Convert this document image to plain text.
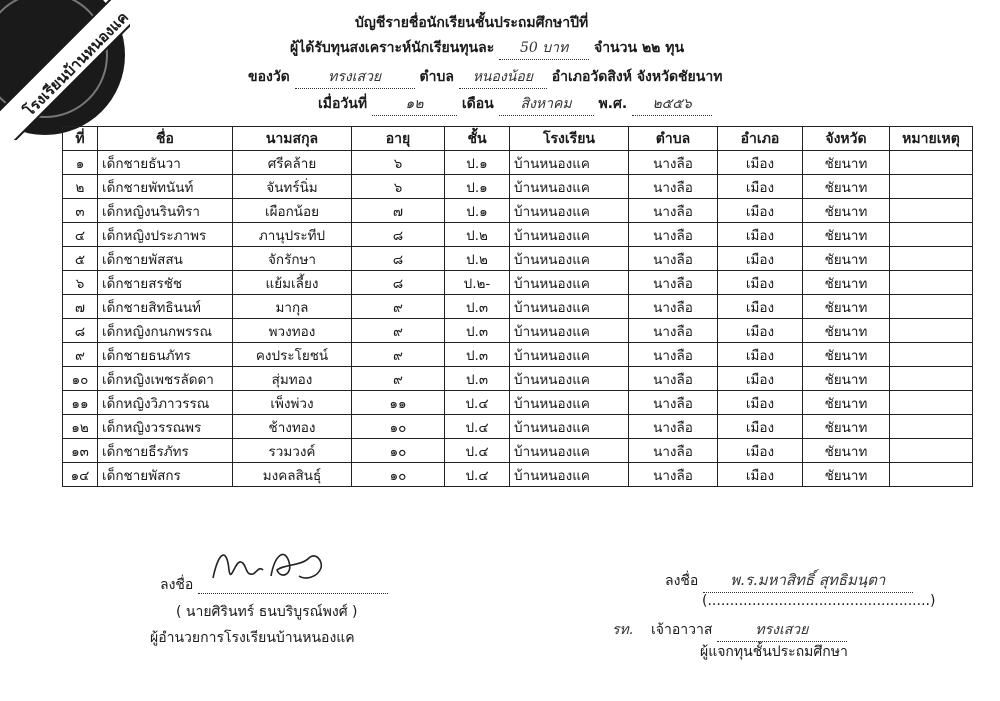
โรงเรียนบ้านหนองแค	บัญชีรายชื่อนักเรียนชั้นประถมศึกษาปีที่
ผู้ได้รับทุนสงเคราะห์นักเรียนทุนละ 50 บาท จำนวน ๒๒ ทุน
ของวัด	ทรงเสวย	ตำบล หนองน้อย อำเภอวัดสิงห์ จังหวัดชัยนาท
เมื่อวันที่	๑๒	เดือน สิงหาคม พ.ศ. ๒๕๕๖
ที่	ชื่อ	นามสกุล	อายุ	ชั้น	โรงเรียน	ตำบล	อำเภอ	จังหวัด	หมายเหตุ
๑	เด็กชายธันวา	ศรีคล้าย	๖	ป.๑	บ้านหนองแค	นางลือ	เมือง	ชัยนาท	
๒	เด็กชายพัทนันท์	จันทร์นิ่ม	๖	ป.๑	บ้านหนองแค	นางลือ	เมือง	ชัยนาท	
๓	เด็กหญิงนรินทิรา	เผือกน้อย	๗	ป.๑	บ้านหนองแค	นางลือ	เมือง	ชัยนาท	
๔	เด็กหญิงประภาพร	ภานุประทีป	๘	ป.๒	บ้านหนองแค	นางลือ	เมือง	ชัยนาท	
๕	เด็กชายพัสสน	จักรักษา	๘	ป.๒	บ้านหนองแค	นางลือ	เมือง	ชัยนาท	
๖	เด็กชายสรชัช	แย้มเลี้ยง	๘	ป.๒-	บ้านหนองแค	นางลือ	เมือง	ชัยนาท	
๗	เด็กชายสิทธินนท์	มากุล	๙	ป.๓	บ้านหนองแค	นางลือ	เมือง	ชัยนาท	
๘	เด็กหญิงกนกพรรณ	พวงทอง	๙	ป.๓	บ้านหนองแค	นางลือ	เมือง	ชัยนาท	
๙	เด็กชายธนภัทร	คงประโยชน์	๙	ป.๓	บ้านหนองแค	นางลือ	เมือง	ชัยนาท	
๑๐	เด็กหญิงเพชรลัดดา	สุ่มทอง	๙	ป.๓	บ้านหนองแค	นางลือ	เมือง	ชัยนาท	
๑๑	เด็กหญิงวิภาวรรณ	เพ็งพ่วง	๑๑	ป.๔	บ้านหนองแค	นางลือ	เมือง	ชัยนาท	
๑๒	เด็กหญิงวรรณพร	ช้างทอง	๑๐	ป.๔	บ้านหนองแค	นางลือ	เมือง	ชัยนาท	
๑๓	เด็กชายธีรภัทร	รวมวงค์	๑๐	ป.๔	บ้านหนองแค	นางลือ	เมือง	ชัยนาท	
๑๔	เด็กชายพัสกร	มงคลสินธุ์	๑๐	ป.๔	บ้านหนองแค	นางลือ	เมือง	ชัยนาท	
ลงชื่อ
( นายศิรินทร์ ธนบริบูรณ์พงศ์ )
ผู้อำนวยการโรงเรียนบ้านหนองแค
ลงชื่อ พ.ร.มหาสิทธิ์ สุทธิมนฺตา
(..................................................)
รท. เจ้าอาวาส	ทรงเสวย
ผู้แจกทุนชั้นประถมศึกษา
